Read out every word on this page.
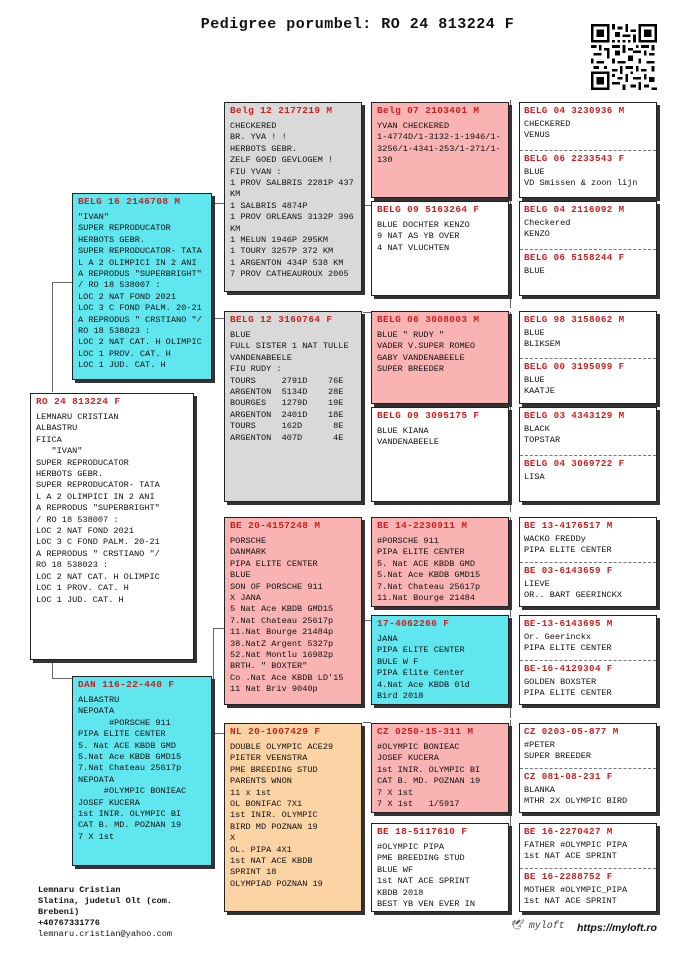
Pedigree porumbel: RO 24 813224 F
RO 24 813224 F
LEMNARU CRISTIAN
ALBASTRU
FIICA
"IVAN"
SUPER REPRODUCATOR
HERBOTS GEBR.
SUPER REPRODUCATOR- TATA
L A 2 OLIMPICI IN 2 ANI
A REPRODUS "SUPERBRIGHT"
/ RO 18 538007 :
LOC 2 NAT FOND 2021
LOC 3 C FOND PALM. 20-21
A REPRODUS " CRSTIANO "/
RO 18 538023 :
LOC 2 NAT CAT. H OLIMPIC
LOC 1 PROV. CAT. H
LOC 1 JUD. CAT. H
BELG 16 2146708 M
"IVAN"
SUPER REPRODUCATOR
HERBOTS GEBR.
SUPER REPRODUCATOR- TATA
L A 2 OLIMPICI IN 2 ANI
A REPRODUS "SUPERBRIGHT"
/ RO 18 538007 :
LOC 2 NAT FOND 2021
LOC 3 C FOND PALM. 20-21
A REPRODUS " CRSTIANO "/
RO 18 538023 :
LOC 2 NAT CAT. H OLIMPIC
LOC 1 PROV. CAT. H
LOC 1 JUD. CAT. H
DAN 116-22-440 F
ALBASTRU
NEPOATA
#PORSCHE 911
PIPA ELITE CENTER
5. Nat ACE KBDB GMD
5.Nat Ace KBDB GMD15
7.Nat Chateau 25617p
NEPOATA
#OLYMPIC BONIEAC
JOSEF KUCERA
1st INIR. OLYMPIC BI
CAT B. MD. POZNAN 19
7 X 1st
Belg 12 2177219 M
CHECKERED
BR. YVA ! !
HERBOTS GEBR.
ZELF GOED GEVLOGEM !
FIU YVAN :
1 PROV SALBRIS 2281P 437
KM
1 SALBRIS 4874P
1 PROV ORLEANS 3132P 396
KM
1 MELUN 1946P 295KM
1 TOURY 3257P 372 KM
1 ARGENTON 434P 538 KM
7 PROV CATHEAUROUX 2005
BELG 12 3160764 F
BLUE
FULL SISTER 1 NAT TULLE
VANDENABEELE
FIU RUDY :
TOURS     2791D    76E
ARGENTON  5134D    28E
BOURGES   1279D    19E
ARGENTON  2401D    18E
TOURS     162D      8E
ARGENTON  407D      4E
BE 20-4157248 M
PORSCHE
DANMARK
PIPA ELITE CENTER
BLUE
SON OF PORSCHE 911
X JANA
5 Nat Ace KBDB GMD15
7.Nat Chateau 25617p
11.Nat Bourge 21484p
38.NatZ Argent 5327p
52.Nat Montlu 16982p
BRTH. " BOXTER"
Co .Nat Ace KBDB LD'15
11 Nat Briv 9040p
NL 20-1007429 F
DOUBLE OLYMPIC ACE29
PIETER VEENSTRA
PME BREEDING STUD
PARENTS WNON
11 x 1st
OL BONIFAC 7X1
1st INIR. OLYMPIC
BIRD MD POZNAN 19
X
OL. PIPA 4X1
1st NAT ACE KBDB
SPRINT 18
OLYMPIAD POZNAN 19
Belg 07 2103401 M
YVAN CHECKERED
1-4774D/1-3132-1-1946/1-
3256/1-4341-253/1-271/1-
130
BELG 09 5163264 F
BLUE DOCHTER KENZO
9 NAT AS YB OVER
4 NAT VLUCHTEN
BELG 06 3008003 M
BLUE " RUDY "
VADER V.SUPER ROMEO
GABY VANDENABEELE
SUPER BREEDER
BELG 09 3095175 F
BLUE KIANA
VANDENABEELE
BE 14-2230911 M
#PORSCHE 911
PIPA ELITE CENTER
5. Nat ACE KBDB GMD
5.Nat Ace KBDB GMD15
7.Nat Chateau 25617p
11.Nat Bourge 21484
17-4062266 F
JANA
PIPA ELITE CENTER
BULE W F
PIPA Elite Center
4.Nat Ace KBDB 0ld
Bird 2018
CZ 0250-15-311 M
#OLYMPIC BONIEAC
JOSEF KUCERA
1st INIR. OLYMPIC BI
CAT B. MD. POZNAN 19
7 X 1st
7 X 1st   1/5917
BE 18-5117610 F
#OLYMPIC PIPA
PME BREEDING STUD
BLUE WF
1st NAT ACE SPRINT
KBDB 2018
BEST YB VEN EVER IN
BELG 04 3230936 M
CHECKERED
VENUS
BELG 06 2233543 F
BLUE
VD Smissen & zoon lijn
BELG 04 2116092 M
Checkered
KENZO
BELG 06 5158244 F
BLUE
BELG 98 3158062 M
BLUE
BLIKSEM
BELG 00 3195099 F
BLUE
KAATJE
BELG 03 4343129 M
BLACK
TOPSTAR
BELG 04 3069722 F
LISA
BE 13-4176517 M
WACKO FREDDy
PIPA ELITE CENTER
BE 03-6143659 F
LIEVE
OR.. BART GEERINCKX
BE-13-6143695 M
Or. Geerinckx
PIPA ELITE CENTER
BE-16-4129304 F
GOLDEN BOXSTER
PIPA ELITE CENTER
CZ 0203-05-877 M
#PETER
SUPER BREEDER
CZ 081-08-231 F
BLANKA
MTHR 2X OLYMPIC BIRD
BE 16-2270427 M
FATHER #OLYMPIC PIPA
1st NAT ACE SPRINT
BE 16-2288752 F
MOTHER #OLYMPIC_PIPA
1st NAT ACE SPRINT
Lemnaru Cristian
Slatina, judetul Olt (com.
Brebeni)
+40767331776
lemnaru.cristian@yahoo.com
🕊 myloft https://myloft.ro
